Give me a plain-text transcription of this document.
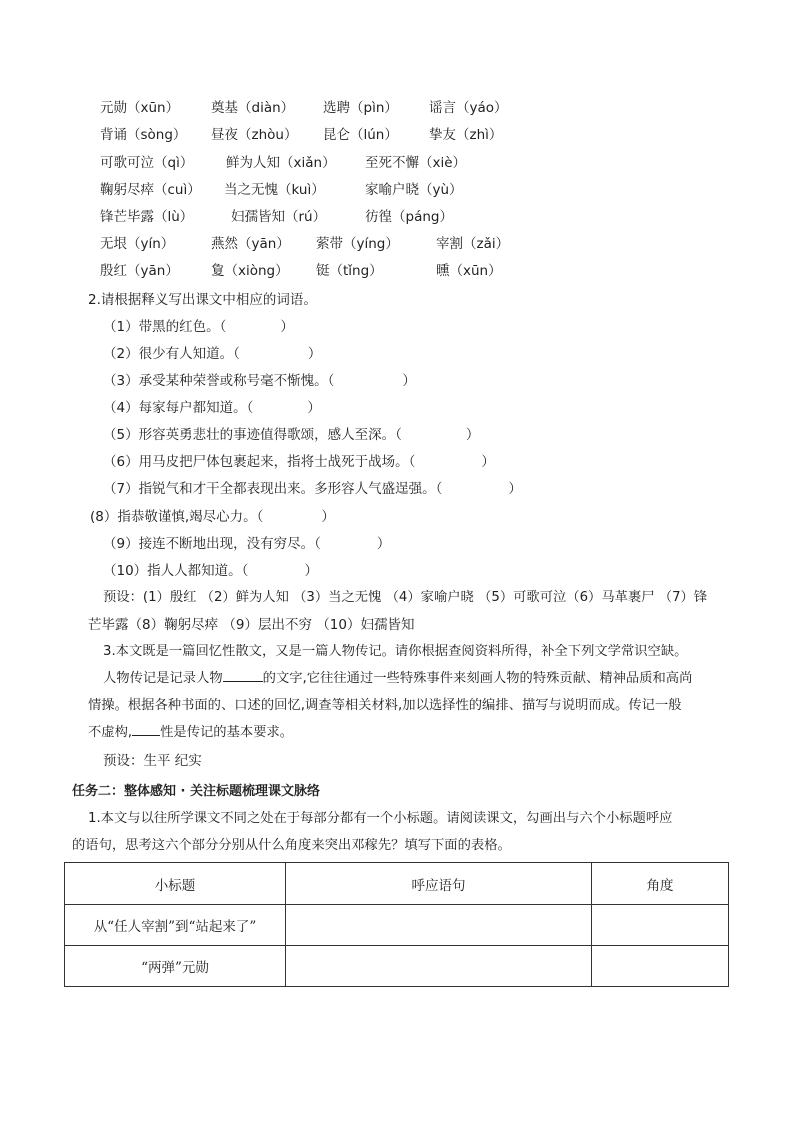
元勋（xūn） 奠基（diàn） 选聘（pìn） 谣言（yáo）
背诵（sòng） 昼夜（zhòu） 昆仑（lún） 挚友（zhì）
可歌可泣（qì） 鲜为人知（xiǎn） 至死不懈（xiè）
鞠躬尽瘁（cuì） 当之无愧（kuì）	家喻户晓（yù）
锋芒毕露（lù）	妇孺皆知（rú）	彷徨（páng）
无垠（yín）	燕然（yān） 萦带（yíng）	宰割（zǎi）
殷红（yān） 夐（xiòng） 铤（tǐng）	曛（xūn）
2.请根据释义写出课文中相应的词语。
（1）带黑的红色。（	）
（2）很少有人知道。（	）
（3）承受某种荣誉或称号毫不惭愧。（	）
（4）每家每户都知道。（	）
（5）形容英勇悲壮的事迹值得歌颂，感人至深。（	）
（6）用马皮把尸体包裹起来，指将士战死于战场。（	）
（7）指锐气和才干全都表现出来。多形容人气盛逞强。（	）
(8）指恭敬谨慎,竭尽心力。（	）
（9）接连不断地出现，没有穷尽。（	）
（10）指人人都知道。（	）
预设：(1）殷红 （2）鲜为人知 （3）当之无愧 （4）家喻户晓 （5）可歌可泣（6）马革裹尸 （7）锋
芒毕露（8）鞠躬尽瘁 （9）层出不穷 （10）妇孺皆知
3.本文既是一篇回忆性散文，又是一篇人物传记。请你根据查阅资料所得，补全下列文学常识空缺。
人物传记是记录人物	的文字,它往往通过一些特殊事件来刻画人物的特殊贡献、精神品质和高尚
情操。根据各种书面的、口述的回忆,调查等相关材料,加以选择性的编排、描写与说明而成。传记一般
不虚构, 性是传记的基本要求。
预设：生平 纪实
任务二：整体感知 · 关注标题梳理课文脉络
1.本文与以往所学课文不同之处在于每部分都有一个小标题。请阅读课文，勾画出与六个小标题呼应
的语句，思考这六个部分分别从什么角度来突出邓稼先？填写下面的表格。
小标题	呼应语句	角度
从“任人宰割”到“站起来了”		
“两弹”元勋		
